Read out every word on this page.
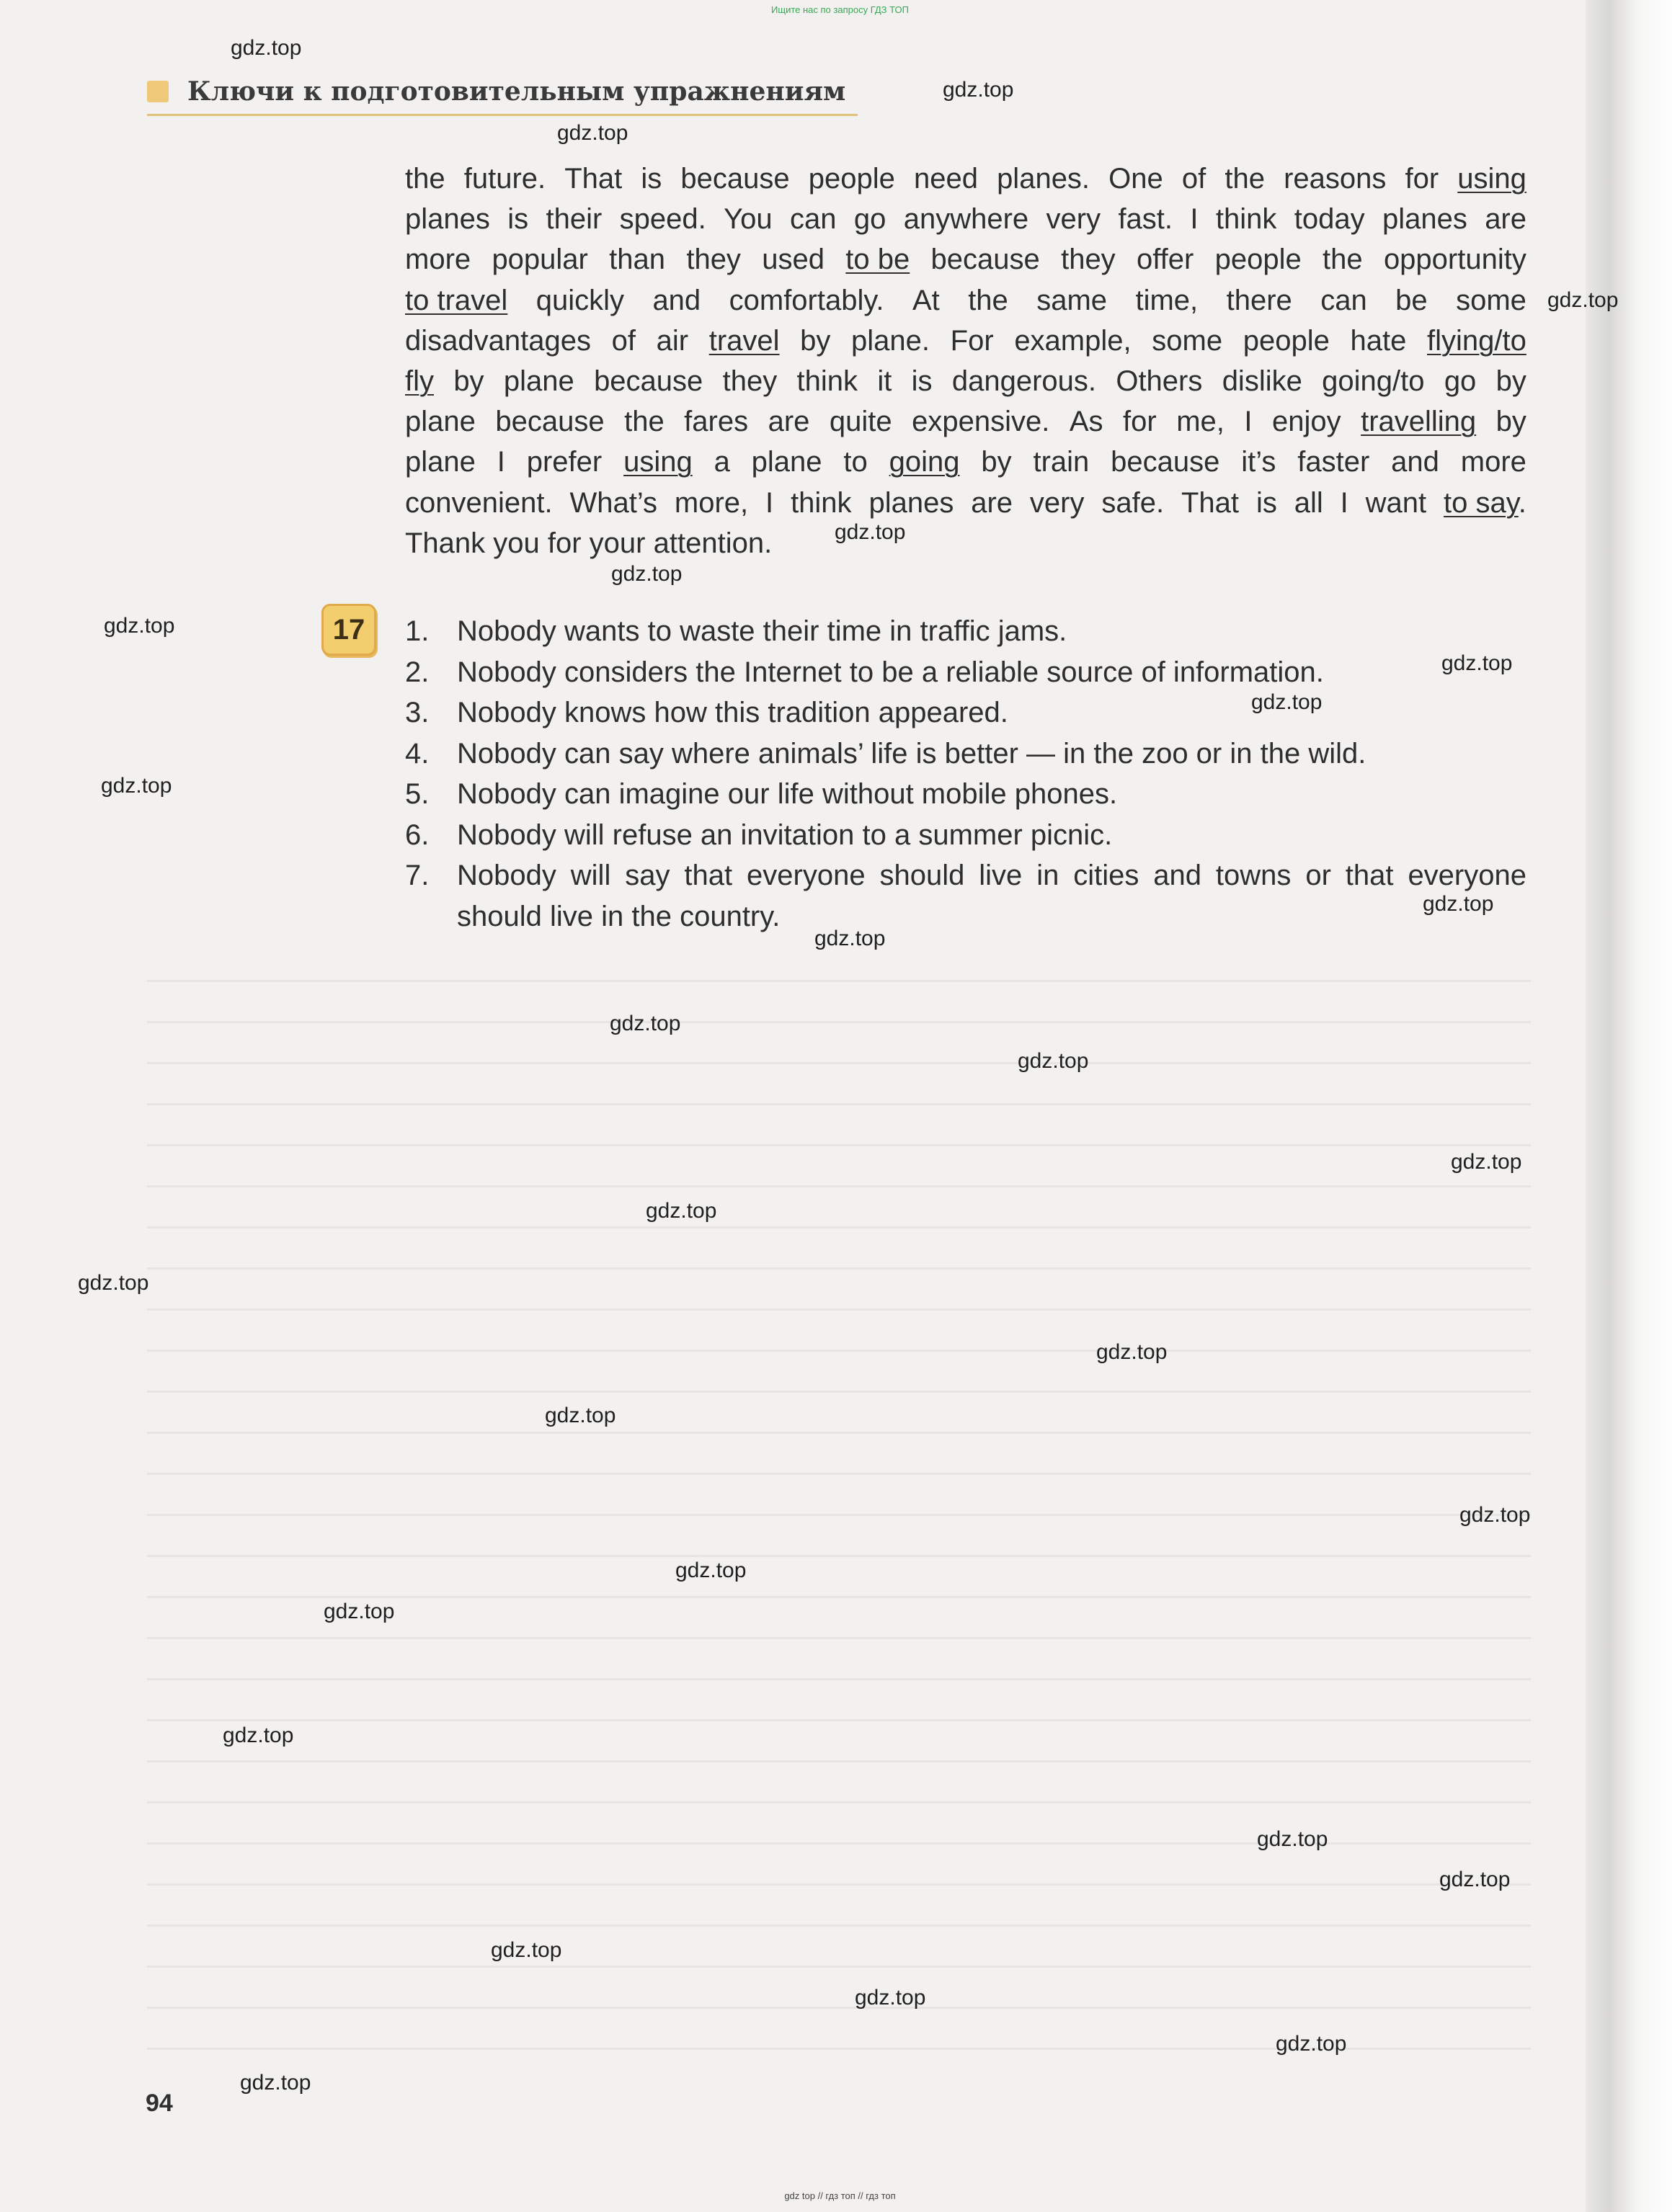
Ищите нас по запросу ГДЗ ТОП
Ключи к подготовительным упражнениям
the future. That is because people need planes. One of the reasons for using
planes is their speed. You can go anywhere very fast. I think today planes are
more popular than they used to be because they offer people the opportunity
to travel quickly and comfortably. At the same time, there can be some
disadvantages of air travel by plane. For example, some people hate flying/to
fly by plane because they think it is dangerous. Others dislike going/to go by
plane because the fares are quite expensive. As for me, I enjoy travelling by
plane I prefer using a plane to going by train because it’s faster and more
convenient. What’s more, I think planes are very safe. That is all I want to say.
Thank you for your attention.
17 1. Nobody wants to waste their time in traffic jams.
2. Nobody considers the Internet to be a reliable source of information.
3. Nobody knows how this tradition appeared.
4. Nobody can say where animals’ life is better — in the zoo or in the wild.
5. Nobody can imagine our life without mobile phones.
6. Nobody will refuse an invitation to a summer picnic.
7. Nobody will say that everyone should live in cities and towns or that everyone should live in the country.
94
gdz.top
gdz.top
gdz.top
gdz.top
gdz.top
gdz.top
gdz.top
gdz.top
gdz.top
gdz.top
gdz.top
gdz.top
gdz.top
gdz.top
gdz.top
gdz.top
gdz.top
gdz.top
gdz.top
gdz.top
gdz.top
gdz.top
gdz.top
gdz.top
gdz.top
gdz.top
gdz.top
gdz.top
gdz.top
gdz top // гдз топ // гдз топ
